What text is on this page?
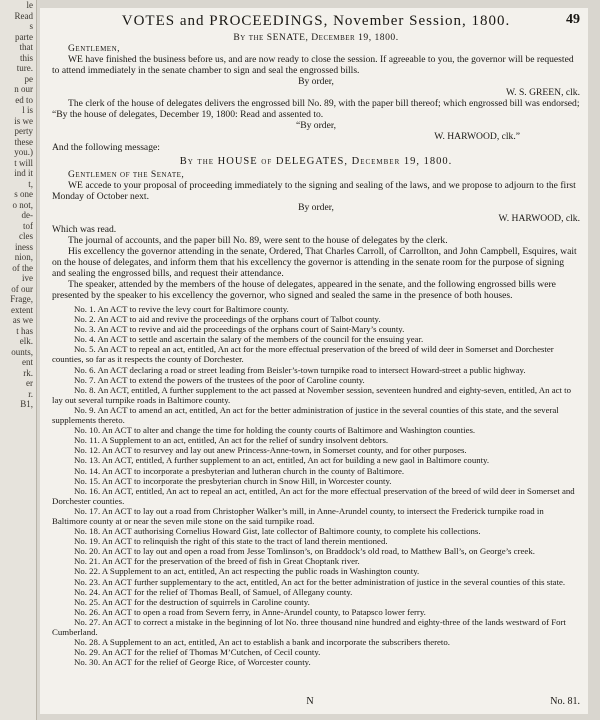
le
Read
s
parte
that
this
ture.
pe
n our
ed to
l is
is we
perty
these
you.)
t will
ind it
t,
s one
o not,
de-
tof
cles
iness
nion,
of the
ive
of our
Frage,
extent
as we
t has
elk.
ounts,
ent
rk.
er
r.
B1,
VOTES and PROCEEDINGS, November Session, 1800.	49

By the SENATE, December 19, 1800.

Gentlemen,

WE have finished the business before us, and are now ready to close the session. If agreeable to you, the governor will be requested to attend immediately in the senate chamber to sign and seal the engrossed bills.

By order,

W. S. GREEN, clk.

The clerk of the house of delegates delivers the engrossed bill No. 89, with the paper bill thereof; which engrossed bill was endorsed; “By the house of delegates, December 19, 1800: Read and assented to.

“By order,

W. HARWOOD, clk.”

And the following message:

By the HOUSE of DELEGATES, December 19, 1800.

Gentlemen of the Senate,

WE accede to your proposal of proceeding immediately to the signing and sealing of the laws, and we propose to adjourn to the first Monday of October next.

By order,

W. HARWOOD, clk.

Which was read.

The journal of accounts, and the paper bill No. 89, were sent to the house of delegates by the clerk.

His excellency the governor attending in the senate, Ordered, That Charles Carroll, of Carrollton, and John Campbell, Esquires, wait on the house of delegates, and inform them that his excellency the governor is attending in the senate room for the purpose of signing and sealing the engrossed bills, and request their attendance.

The speaker, attended by the members of the house of delegates, appeared in the senate, and the following engrossed bills were presented by the speaker to his excellency the governor, who signed and sealed the same in the presence of both houses.

No. 1. An ACT to revive the levy court for Baltimore county.

No. 2. An ACT to aid and revive the proceedings of the orphans court of Talbot county.

No. 3. An ACT to revive and aid the proceedings of the orphans court of Saint-Mary’s county.

No. 4. An ACT to settle and ascertain the salary of the members of the council for the ensuing year.

No. 5. An ACT to repeal an act, entitled, An act for the more effectual preservation of the breed of wild deer in Somerset and Dorchester counties, so far as it respects the county of Dorchester.

No. 6. An ACT declaring a road or street leading from Beisler’s-town turnpike road to intersect Howard-street a public highway.

No. 7. An ACT to extend the powers of the trustees of the poor of Caroline county.

No. 8. An ACT, entitled, A further supplement to the act passed at November session, seventeen hundred and eighty-seven, entitled, An act to lay out several turnpike roads in Baltimore county.

No. 9. An ACT to amend an act, entitled, An act for the better administration of justice in the several counties of this state, and the several supplements thereto.

No. 10. An ACT to alter and change the time for holding the county courts of Baltimore and Washington counties.

No. 11. A Supplement to an act, entitled, An act for the relief of sundry insolvent debtors.

No. 12. An ACT to resurvey and lay out anew Princess-Anne-town, in Somerset county, and for other purposes.

No. 13. An ACT, entitled, A further supplement to an act, entitled, An act for building a new gaol in Baltimore county.

No. 14. An ACT to incorporate a presbyterian and lutheran church in the county of Baltimore.

No. 15. An ACT to incorporate the presbyterian church in Snow Hill, in Worcester county.

No. 16. An ACT, entitled, An act to repeal an act, entitled, An act for the more effectual preservation of the breed of wild deer in Somerset and Dorchester counties.

No. 17. An ACT to lay out a road from Christopher Walker’s mill, in Anne-Arundel county, to intersect the Frederick turnpike road in Baltimore county at or near the seven mile stone on the said turnpike road.

No. 18. An ACT authorising Cornelius Howard Gist, late collector of Baltimore county, to complete his collections.

No. 19. An ACT to relinquish the right of this state to the tract of land therein mentioned.

No. 20. An ACT to lay out and open a road from Jesse Tomlinson’s, on Braddock’s old road, to Matthew Ball’s, on George’s creek.

No. 21. An ACT for the preservation of the breed of fish in Great Choptank river.

No. 22. A Supplement to an act, entitled, An act respecting the public roads in Washington county.

No. 23. An ACT further supplementary to the act, entitled, An act for the better administration of justice in the several counties of this state.

No. 24. An ACT for the relief of Thomas Beall, of Samuel, of Allegany county.

No. 25. An ACT for the destruction of squirrels in Caroline county.

No. 26. An ACT to open a road from Severn ferry, in Anne-Arundel county, to Patapsco lower ferry.

No. 27. An ACT to correct a mistake in the beginning of lot No. three thousand nine hundred and eighty-three of the lands westward of Fort Cumberland.

No. 28. A Supplement to an act, entitled, An act to establish a bank and incorporate the subscribers thereto.

No. 29. An ACT for the relief of Thomas M’Cutchen, of Cecil county.

No. 30. An ACT for the relief of George Rice, of Worcester county.

N	No. 81.
